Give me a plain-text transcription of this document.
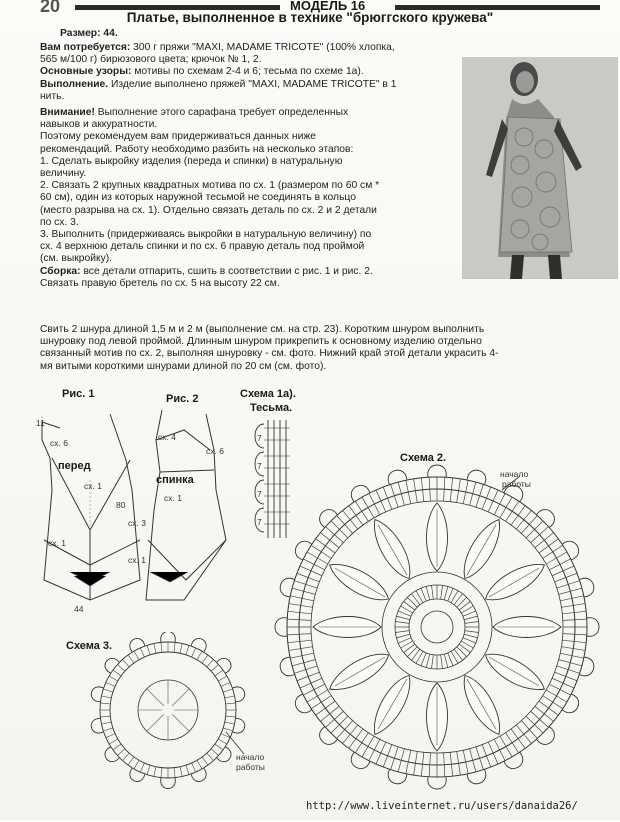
20	МОДЕЛЬ 16
Платье, выполненное в технике "брюггского кружева"
Размер: 44.
Вам потребуется: 300 г пряжи "MAXI, MADAME TRICOTE" (100% хлопка,
565 м/100 г) бирюзового цвета; крючок № 1, 2.
Основные узоры: мотивы по схемам 2-4 и 6; тесьма по схеме 1а).
Выполнение. Изделие выполнено пряжей "MAXI, MADAME TRICOTE" в 1
нить.
Внимание! Выполнение этого сарафана требует определенных
навыков и аккуратности.
Поэтому рекомендуем вам придерживаться данных ниже
рекомендаций. Работу необходимо разбить на несколько этапов:
1. Сделать выкройку изделия (переда и спинки) в натуральную
величину.
2. Связать 2 крупных квадратных мотива по сх. 1 (размером по 60 см *
60 см), один из которых наружной тесьмой не соединять в кольцо
(место разрыва на сх. 1). Отдельно связать деталь по сх. 2 и 2 детали
по сх. 3.
3. Выполнить (придерживаясь выкройки в натуральную величину) по
сх. 4 верхнюю деталь спинки и по сх. 6 правую деталь под проймой
(см. выкройку).
Сборка: все детали отпарить, сшить в соответствии с рис. 1 и рис. 2.
Связать правую бретель по сх. 5 на высоту 22 см.
Свить 2 шнура длиной 1,5 м и 2 м (выполнение см. на стр. 23). Коротким шнуром выполнить
шнуровку под левой проймой. Длинным шнуром прикрепить к основному изделию отдельно
связанный мотив по сх. 2, выполняя шнуровку - см. фото. Нижний край этой детали украсить 4-
мя витыми короткими шнурами длиной по 20 см (см. фото).
Рис. 1	Рис. 2
11
сх. 6
перед
сх. 1
80
сх. 3
сх. 1
44
сх. 4
сх. 6
спинка
сх. 1
сх. 1
Схема 1а).
Тесьма.
7
7
7
7
Схема 2.
начало
работы
Схема 3.
начало
работы
http://www.liveinternet.ru/users/danaida26/
